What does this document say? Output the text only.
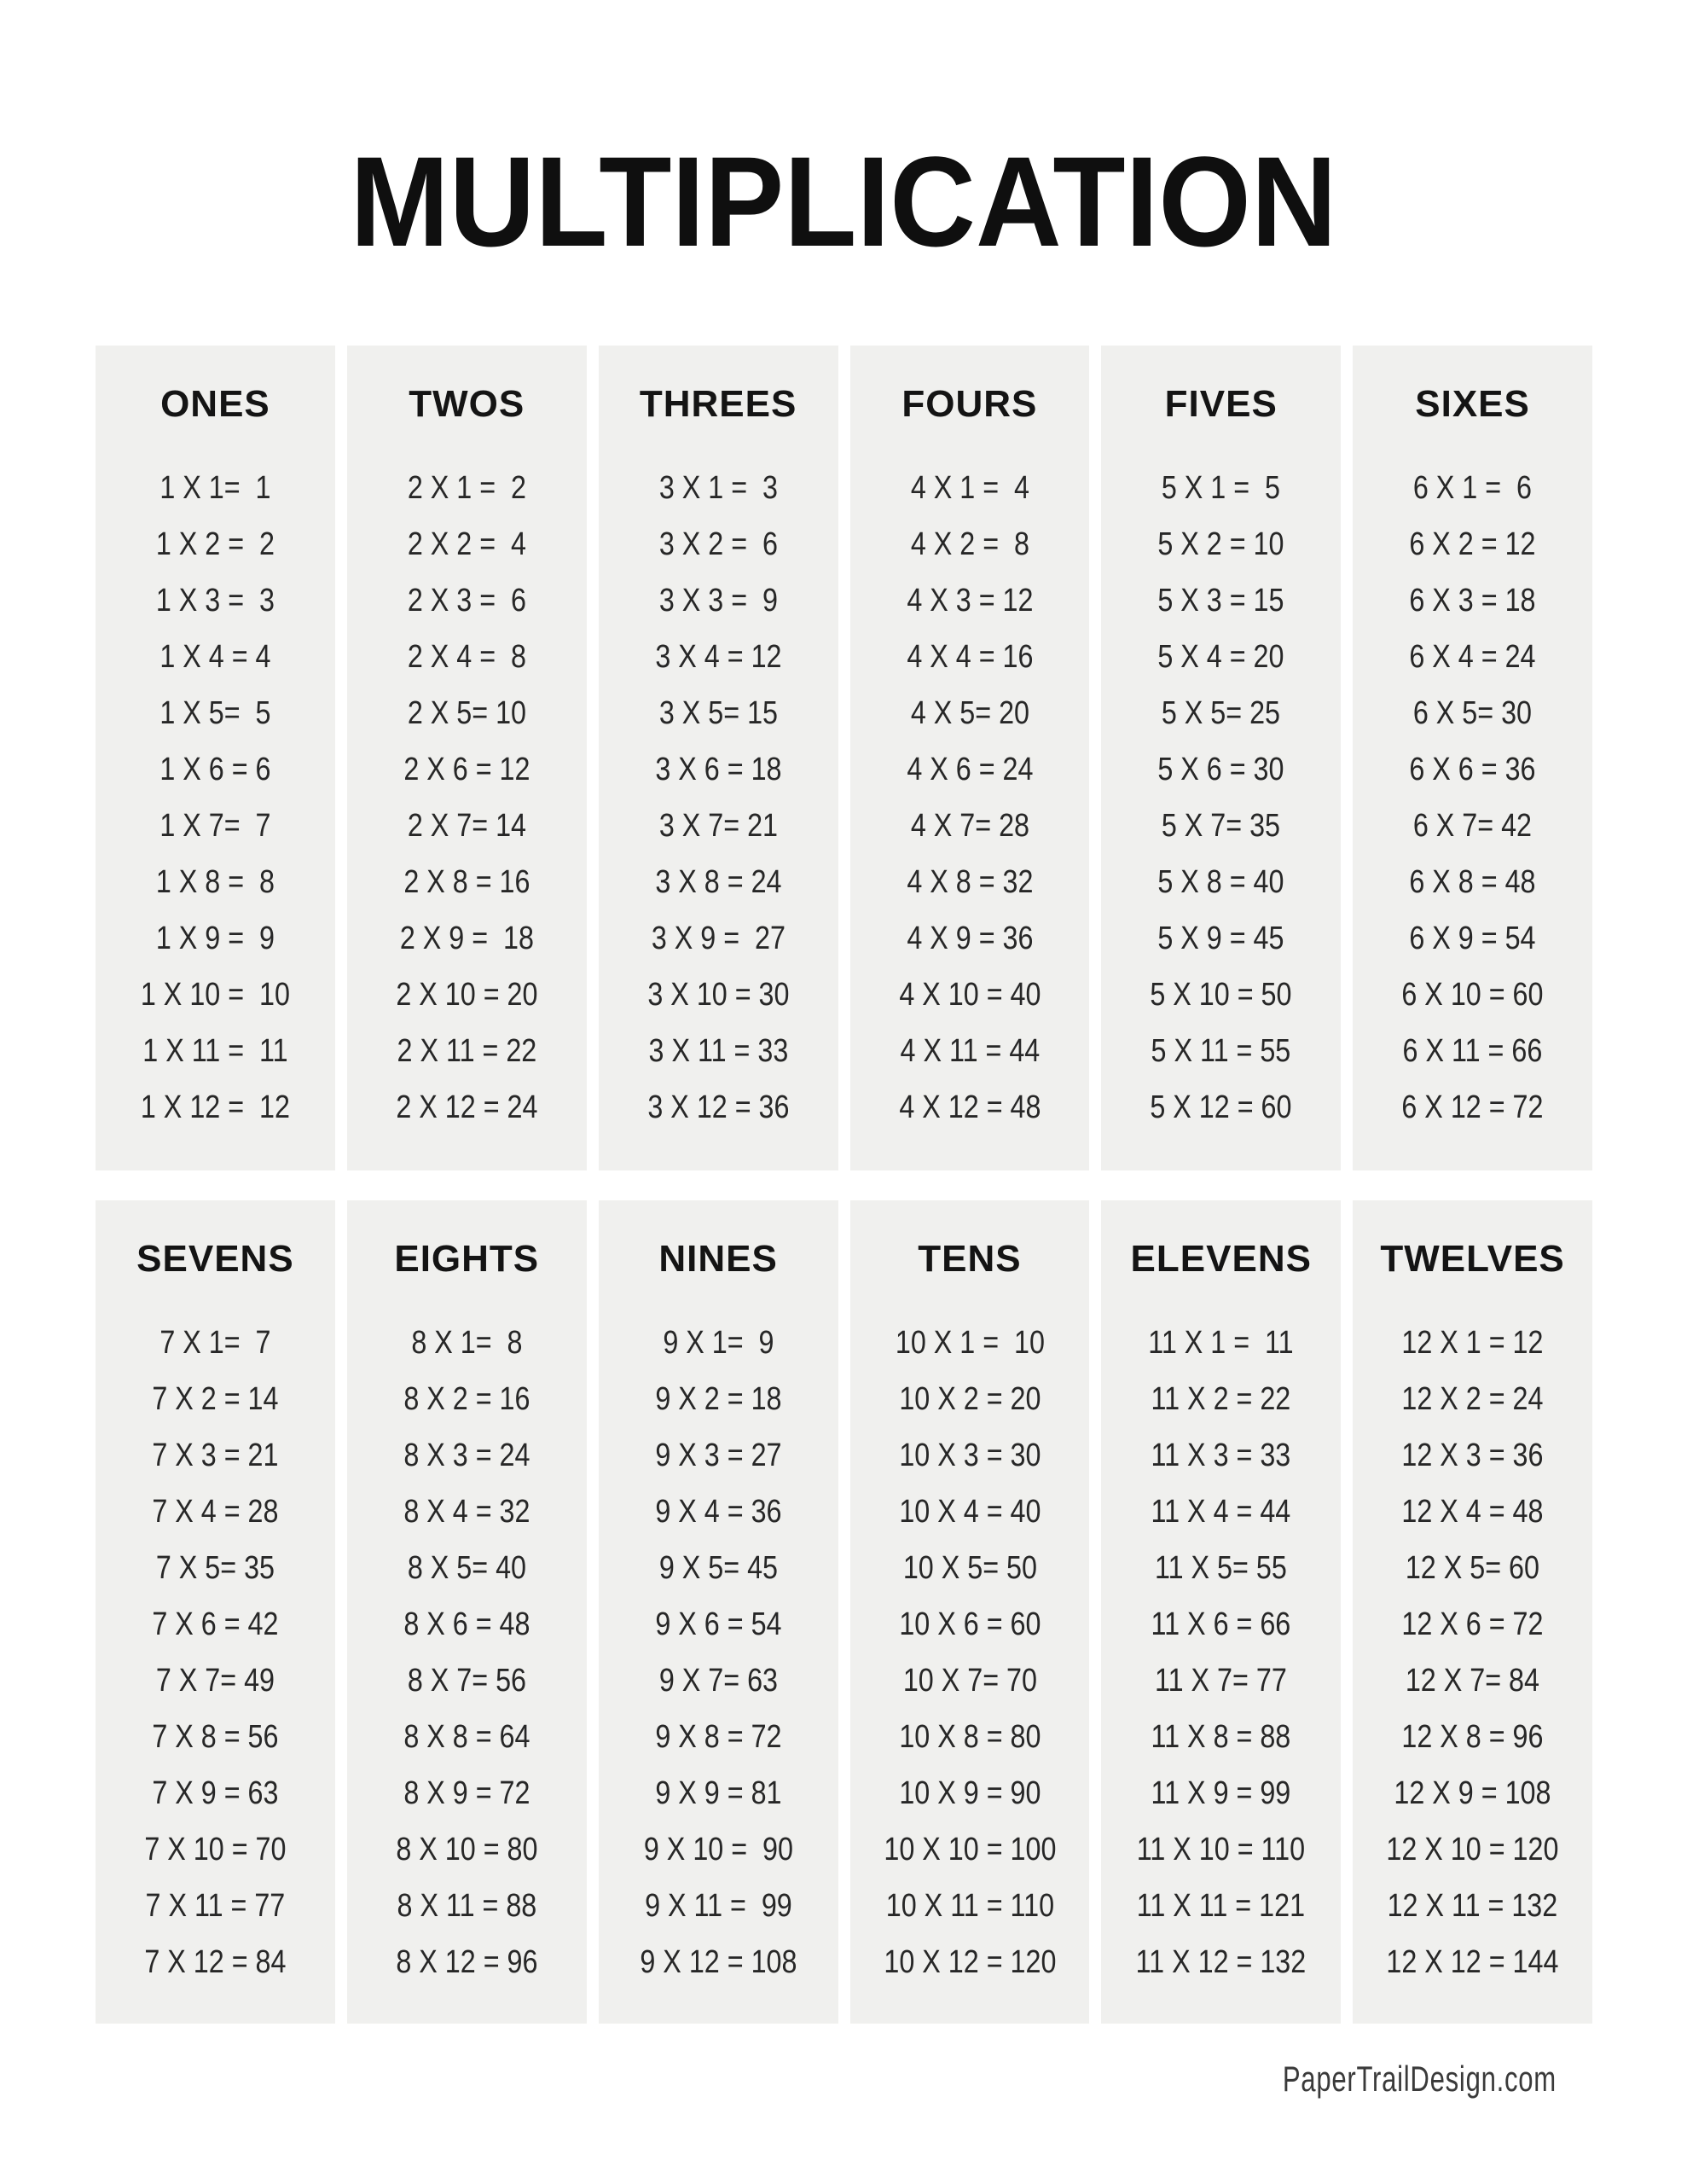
MULTIPLICATION
ONES
1 X 1=  1
1 X 2 =  2
1 X 3 =  3
1 X 4 = 4
1 X 5=  5
1 X 6 = 6
1 X 7=  7
1 X 8 =  8
1 X 9 =  9
1 X 10 =  10
1 X 11 =  11
1 X 12 =  12
TWOS
2 X 1 =  2
2 X 2 =  4
2 X 3 =  6
2 X 4 =  8
2 X 5= 10
2 X 6 = 12
2 X 7= 14
2 X 8 = 16
2 X 9 =  18
2 X 10 = 20
2 X 11 = 22
2 X 12 = 24
THREES
3 X 1 =  3
3 X 2 =  6
3 X 3 =  9
3 X 4 = 12
3 X 5= 15
3 X 6 = 18
3 X 7= 21
3 X 8 = 24
3 X 9 =  27
3 X 10 = 30
3 X 11 = 33
3 X 12 = 36
FOURS
4 X 1 =  4
4 X 2 =  8
4 X 3 = 12
4 X 4 = 16
4 X 5= 20
4 X 6 = 24
4 X 7= 28
4 X 8 = 32
4 X 9 = 36
4 X 10 = 40
4 X 11 = 44
4 X 12 = 48
FIVES
5 X 1 =  5
5 X 2 = 10
5 X 3 = 15
5 X 4 = 20
5 X 5= 25
5 X 6 = 30
5 X 7= 35
5 X 8 = 40
5 X 9 = 45
5 X 10 = 50
5 X 11 = 55
5 X 12 = 60
SIXES
6 X 1 =  6
6 X 2 = 12
6 X 3 = 18
6 X 4 = 24
6 X 5= 30
6 X 6 = 36
6 X 7= 42
6 X 8 = 48
6 X 9 = 54
6 X 10 = 60
6 X 11 = 66
6 X 12 = 72
SEVENS
7 X 1=  7
7 X 2 = 14
7 X 3 = 21
7 X 4 = 28
7 X 5= 35
7 X 6 = 42
7 X 7= 49
7 X 8 = 56
7 X 9 = 63
7 X 10 = 70
7 X 11 = 77
7 X 12 = 84
EIGHTS
8 X 1=  8
8 X 2 = 16
8 X 3 = 24
8 X 4 = 32
8 X 5= 40
8 X 6 = 48
8 X 7= 56
8 X 8 = 64
8 X 9 = 72
8 X 10 = 80
8 X 11 = 88
8 X 12 = 96
NINES
9 X 1=  9
9 X 2 = 18
9 X 3 = 27
9 X 4 = 36
9 X 5= 45
9 X 6 = 54
9 X 7= 63
9 X 8 = 72
9 X 9 = 81
9 X 10 =  90
9 X 11 =  99
9 X 12 = 108
TENS
10 X 1 =  10
10 X 2 = 20
10 X 3 = 30
10 X 4 = 40
10 X 5= 50
10 X 6 = 60
10 X 7= 70
10 X 8 = 80
10 X 9 = 90
10 X 10 = 100
10 X 11 = 110
10 X 12 = 120
ELEVENS
11 X 1 =  11
11 X 2 = 22
11 X 3 = 33
11 X 4 = 44
11 X 5= 55
11 X 6 = 66
11 X 7= 77
11 X 8 = 88
11 X 9 = 99
11 X 10 = 110
11 X 11 = 121
11 X 12 = 132
TWELVES
12 X 1 = 12
12 X 2 = 24
12 X 3 = 36
12 X 4 = 48
12 X 5= 60
12 X 6 = 72
12 X 7= 84
12 X 8 = 96
12 X 9 = 108
12 X 10 = 120
12 X 11 = 132
12 X 12 = 144
PaperTrailDesign.com
